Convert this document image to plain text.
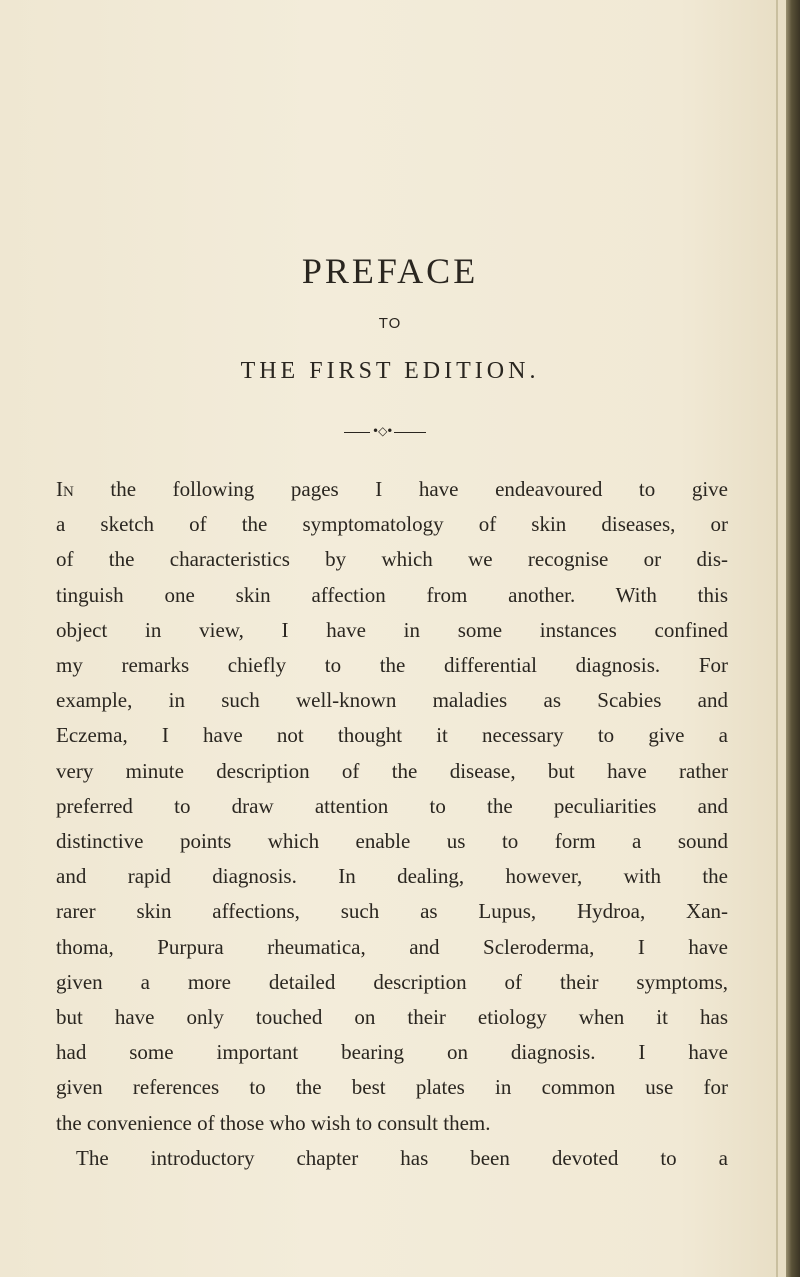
PREFACE
TO
THE FIRST EDITION.
•◇•
In the following pages I have endeavoured to give
a sketch of the symptomatology of skin diseases, or
of the characteristics by which we recognise or dis-
tinguish one skin affection from another. With this
object in view, I have in some instances confined
my remarks chiefly to the differential diagnosis. For
example, in such well-known maladies as Scabies and
Eczema, I have not thought it necessary to give a
very minute description of the disease, but have rather
preferred to draw attention to the peculiarities and
distinctive points which enable us to form a sound
and rapid diagnosis. In dealing, however, with the
rarer skin affections, such as Lupus, Hydroa, Xan-
thoma, Purpura rheumatica, and Scleroderma, I have
given a more detailed description of their symptoms,
but have only touched on their etiology when it has
had some important bearing on diagnosis. I have
given references to the best plates in common use for
the convenience of those who wish to consult them.
The introductory chapter has been devoted to a
